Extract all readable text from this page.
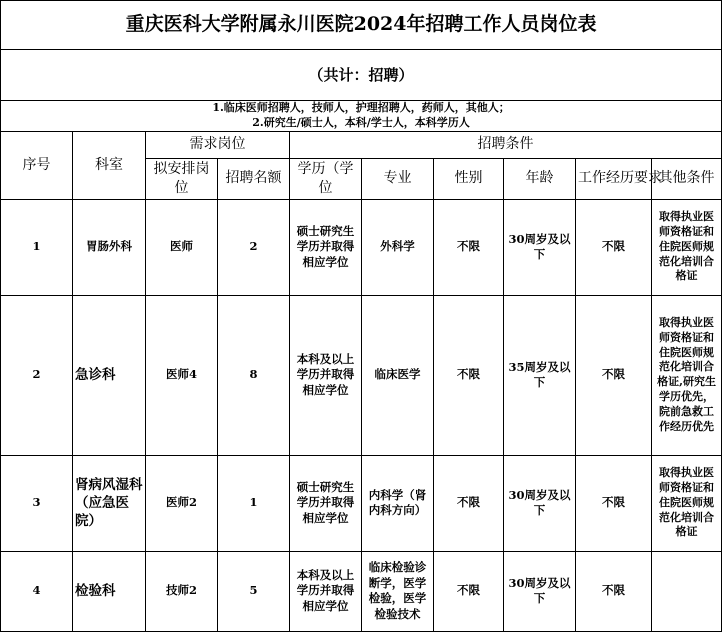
重庆医科大学附属永川医院2024年招聘工作人员岗位表									
（共计：招聘）									

1.临床医师招聘人，技师人，护理招聘人，药师人，其他人；
2.研究生/硕士人，本科/学士人，本科学历人									

序号	科室	需求岗位		招聘条件					
		拟安排岗位	招聘名额	学历（学位	专业	性别	年龄	工作经历要求	其他条件
1	胃肠外科	医师	2	硕士研究生学历并取得相应学位	外科学	不限	30周岁及以下	不限	取得执业医师资格证和住院医师规范化培训合格证
2	急诊科	医师4	8	本科及以上学历并取得相应学位	临床医学	不限	35周岁及以下	不限	取得执业医师资格证和住院医师规范化培训合格证,研究生学历优先，院前急救工作经历优先
3	肾病风湿科（应急医院）	医师2	1	硕士研究生学历并取得相应学位	内科学（肾内科方向）	不限	30周岁及以下	不限	取得执业医师资格证和住院医师规范化培训合格证
4	检验科	技师2	5	本科及以上学历并取得相应学位	临床检验诊断学，医学检验，医学检验技术	不限	30周岁及以下	不限	
